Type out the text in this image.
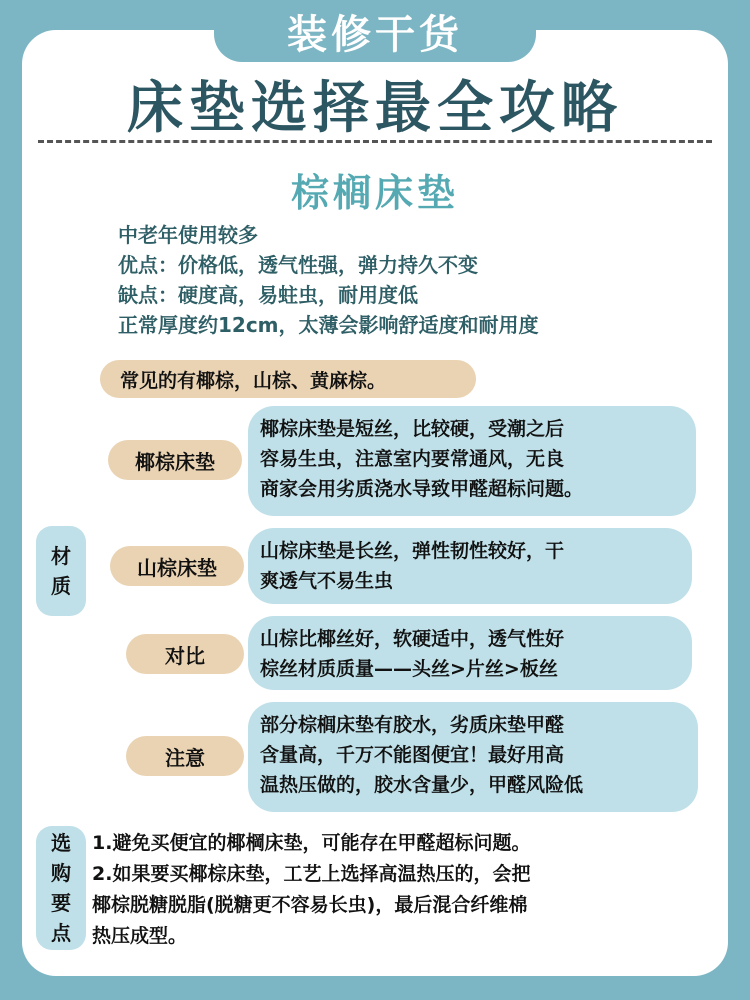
装修干货
床垫选择最全攻略
棕榈床垫
中老年使用较多
优点：价格低，透气性强，弹力持久不变
缺点：硬度高，易蛀虫，耐用度低
正常厚度约12cm，太薄会影响舒适度和耐用度
常见的有椰棕，山棕、黄麻棕。
材
质
椰棕床垫是短丝，比较硬，受潮之后
容易生虫，注意室内要常通风，无良
商家会用劣质浇水导致甲醛超标问题。
椰棕床垫
山棕床垫是长丝，弹性韧性较好，干
爽透气不易生虫
山棕床垫
山棕比椰丝好，软硬适中，透气性好
棕丝材质质量——头丝>片丝>板丝
对比
部分棕榈床垫有胶水，劣质床垫甲醛
含量高，千万不能图便宜！最好用高
温热压做的，胶水含量少，甲醛风险低
注意
选
购
要
点
1.避免买便宜的椰棡床垫，可能存在甲醛超标问题。
2.如果要买椰棕床垫，工艺上选择高温热压的，会把
椰棕脱糖脱脂(脱糖更不容易长虫)，最后混合纤维棉
热压成型。
